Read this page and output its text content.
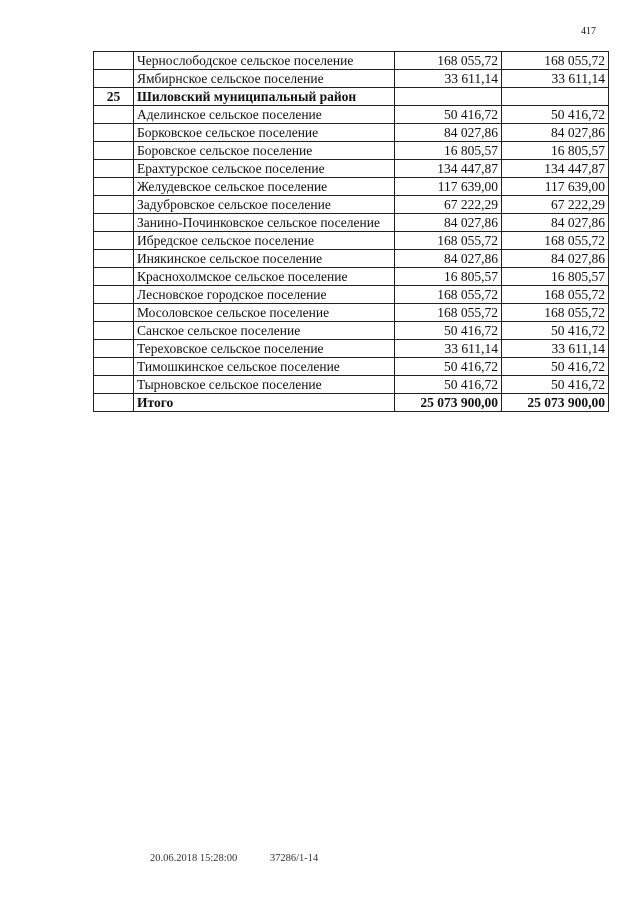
417
	Чернослободское сельское поселение	168 055,72	168 055,72
	Ямбирнское сельское поселение	33 611,14	33 611,14
25	Шиловский муниципальный район		
	Аделинское сельское поселение	50 416,72	50 416,72
	Борковское сельское поселение	84 027,86	84 027,86
	Боровское сельское поселение	16 805,57	16 805,57
	Ерахтурское сельское поселение	134 447,87	134 447,87
	Желудевское сельское поселение	117 639,00	117 639,00
	Задубровское сельское поселение	67 222,29	67 222,29
	Занино-Починковское сельское поселение	84 027,86	84 027,86
	Ибредское сельское поселение	168 055,72	168 055,72
	Инякинское сельское поселение	84 027,86	84 027,86
	Краснохолмское сельское поселение	16 805,57	16 805,57
	Лесновское городское поселение	168 055,72	168 055,72
	Мосоловское сельское поселение	168 055,72	168 055,72
	Санское сельское поселение	50 416,72	50 416,72
	Тереховское сельское поселение	33 611,14	33 611,14
	Тимошкинское сельское поселение	50 416,72	50 416,72
	Тырновское сельское поселение	50 416,72	50 416,72
	Итого	25 073 900,00	25 073 900,00
20.06.2018 15:28:00	37286/1-14
